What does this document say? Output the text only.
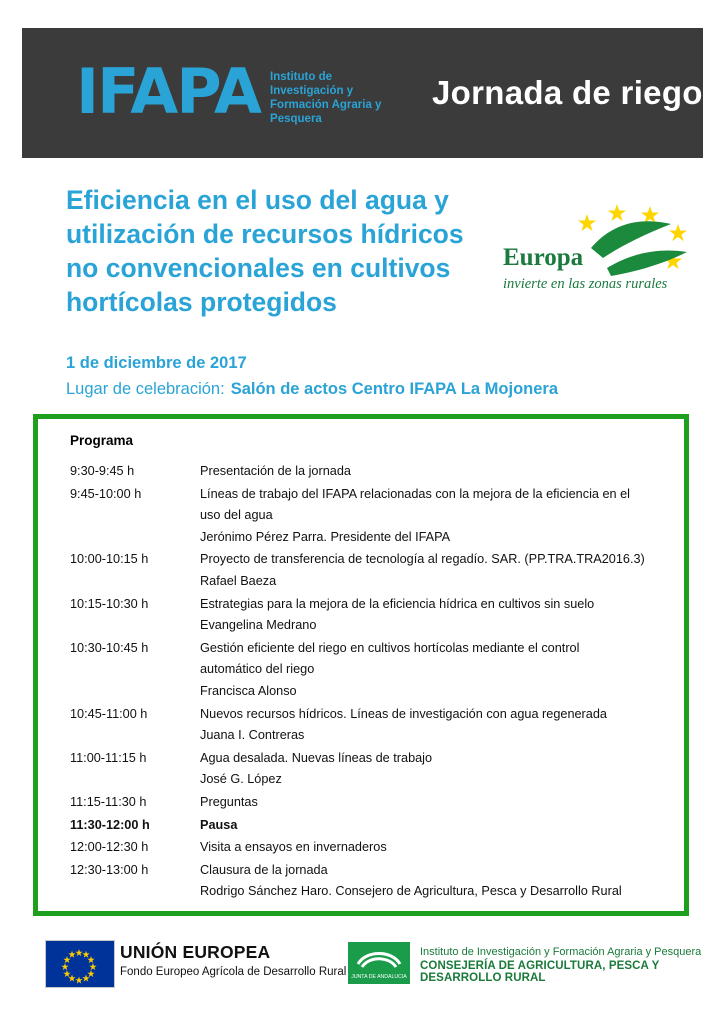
IFAPA Instituto de Investigación y Formación Agraria y Pesquera
Jornada de riego
Eficiencia en el uso del agua y utilización de recursos hídricos no convencionales en cultivos hortícolas protegidos
Europa
invierte en las zonas rurales
1 de diciembre de 2017
Lugar de celebración: Salón de actos Centro IFAPA La Mojonera
Programa
9:30-9:45 h	Presentación de la jornada

9:45-10:00 h	Líneas de trabajo del IFAPA relacionadas con la mejora de la eficiencia en el
uso del agua
Jerónimo Pérez Parra. Presidente del IFAPA

10:00-10:15 h	Proyecto de transferencia de tecnología al regadío. SAR. (PP.TRA.TRA2016.3)
Rafael Baeza

10:15-10:30 h	Estrategias para la mejora de la eficiencia hídrica en cultivos sin suelo
Evangelina Medrano

10:30-10:45 h	Gestión eficiente del riego en cultivos hortícolas mediante el control
automático del riego
Francisca Alonso

10:45-11:00 h	Nuevos recursos hídricos. Líneas de investigación con agua regenerada
Juana I. Contreras

11:00-11:15 h	Agua desalada. Nuevas líneas de trabajo
José G. López

11:15-11:30 h	Preguntas

11:30-12:00 h	Pausa

12:00-12:30 h	Visita a ensayos en invernaderos

12:30-13:00 h	Clausura de la jornada
Rodrigo Sánchez Haro. Consejero de Agricultura, Pesca y Desarrollo Rural
UNIÓN EUROPEA
Fondo Europeo Agrícola de Desarrollo Rural JUNTA DE ANDALUCIA
Instituto de Investigación y Formación Agraria y Pesquera
CONSEJERÍA DE AGRICULTURA, PESCA Y DESARROLLO RURAL
